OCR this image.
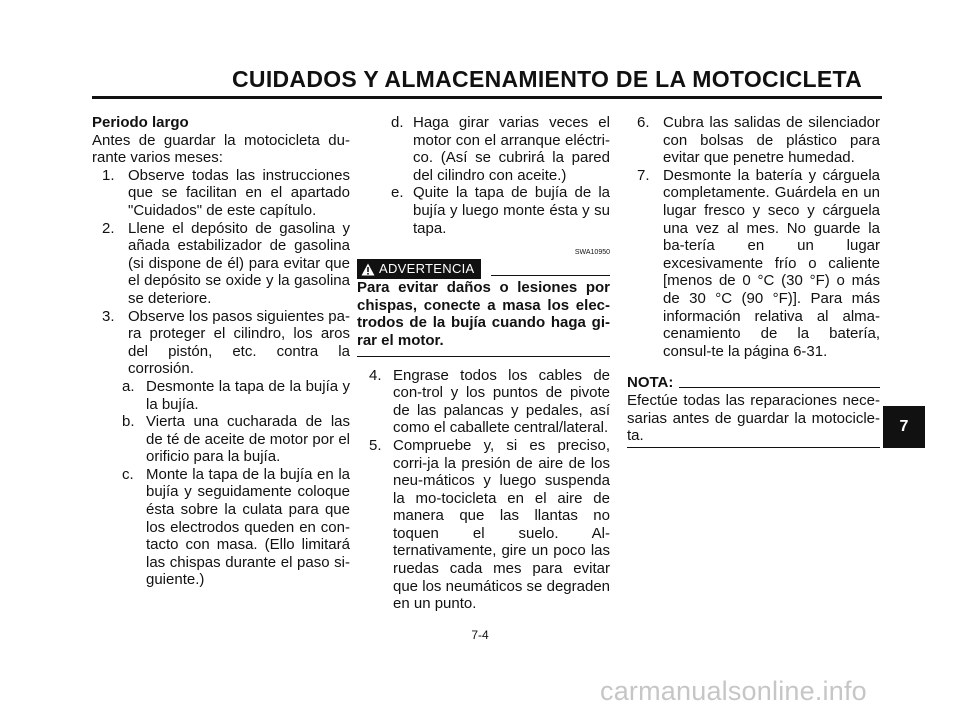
CUIDADOS Y ALMACENAMIENTO DE LA MOTOCICLETA

Periodo largo

Antes de guardar la motocicleta du-rante varios meses:

1. Observe todas las instrucciones que se facilitan en el apartado "Cuidados" de este capítulo.
2. Llene el depósito de gasolina y añada estabilizador de gasolina (si dispone de él) para evitar que el depósito se oxide y la gasolina se deteriore.
3. Observe los pasos siguientes pa-ra proteger el cilindro, los aros del pistón, etc. contra la corrosión.
a. Desmonte la tapa de la bujía y la bujía.
b. Vierta una cucharada de las de té de aceite de motor por el orificio para la bujía.
c. Monte la tapa de la bujía en la bujía y seguidamente coloque ésta sobre la culata para que los electrodos queden en con-tacto con masa. (Ello limitará las chispas durante el paso si-guiente.)
d. Haga girar varias veces el motor con el arranque eléctri-co. (Así se cubrirá la pared del cilindro con aceite.)
e. Quite la tapa de bujía de la bujía y luego monte ésta y su tapa.
SWA10950
ADVERTENCIA

Para evitar daños o lesiones por chispas, conecte a masa los elec-trodos de la bujía cuando haga gi-rar el motor.

4. Engrase todos los cables de con-trol y los puntos de pivote de las palancas y pedales, así como el caballete central/lateral.
5. Compruebe y, si es preciso, corri-ja la presión de aire de los neu-máticos y luego suspenda la mo-tocicleta en el aire de manera que las llantas no toquen el suelo. Al-ternativamente, gire un poco las ruedas cada mes para evitar que los neumáticos se degraden en un punto.
6. Cubra las salidas de silenciador con bolsas de plástico para evitar que penetre humedad.
7. Desmonte la batería y cárguela completamente. Guárdela en un lugar fresco y seco y cárguela una vez al mes. No guarde la ba-tería en un lugar excesivamente frío o caliente [menos de 0 °C (30 °F) o más de 30 °C (90 °F)]. Para más información relativa al alma-cenamiento de la batería, consul-te la página 6-31.
NOTA:

Efectúe todas las reparaciones nece-sarias antes de guardar la motocicle-ta.

7
7-4
carmanualsonline.info
